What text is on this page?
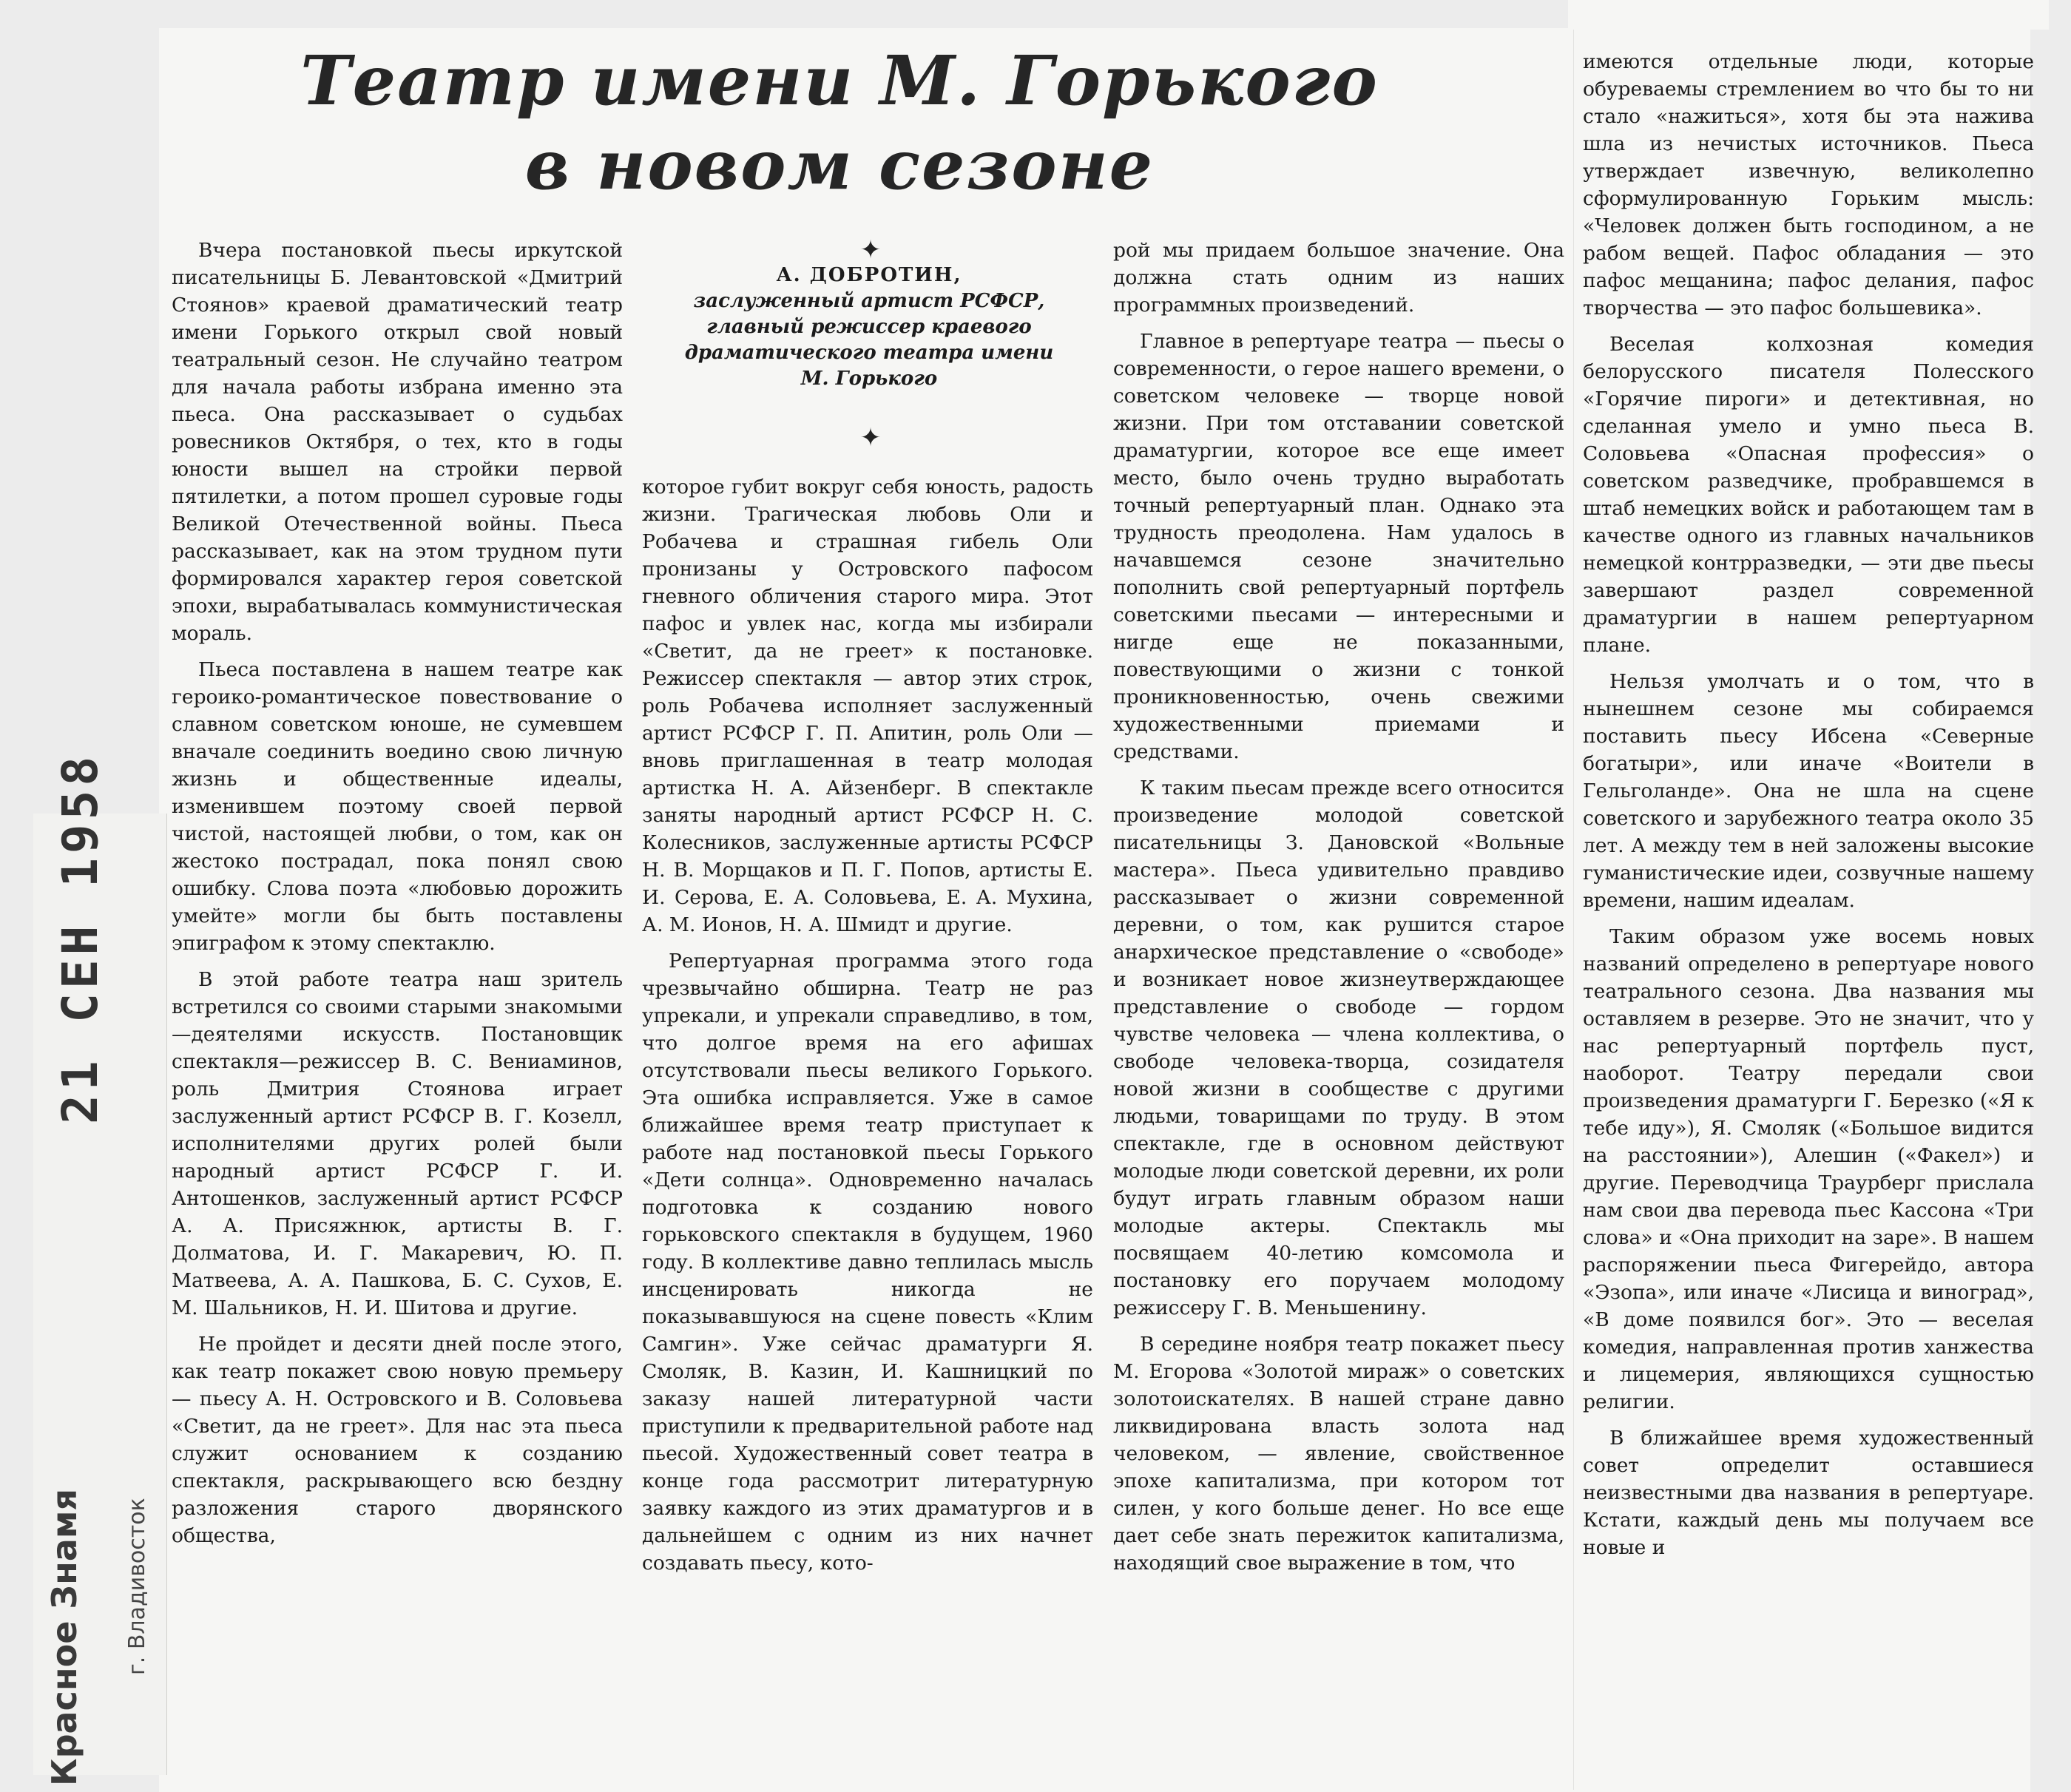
Театр имени М. Горького
в новом сезоне
✦
А. ДОБРОТИН,
заслуженный артист РСФСР,
главный режиссер краевого
драматического театра имени
М. Горького
✦

Вчера постановкой пьесы иркутской писательницы Б. Левантовской «Дмитрий Стоянов» краевой драматический театр имени Горького открыл свой новый театральный сезон. Не случайно театром для начала работы избрана именно эта пьеса. Она рассказывает о судьбах ровесников Октября, о тех, кто в годы юности вышел на стройки первой пятилетки, а потом прошел суровые годы Великой Отечественной войны. Пьеса рассказывает, как на этом трудном пути формировался характер героя советской эпохи, вырабатывалась коммунистическая мораль.

Пьеса поставлена в нашем театре как героико-романтическое повествование о славном советском юноше, не сумевшем вначале соединить воедино свою личную жизнь и общественные идеалы, изменившем поэтому своей первой чистой, настоящей любви, о том, как он жестоко пострадал, пока понял свою ошибку. Слова поэта «любовью дорожить умейте» могли бы быть поставлены эпиграфом к этому спектаклю.

В этой работе театра наш зритель встретился со своими старыми знакомыми—деятелями искусств. Постановщик спектакля—режиссер В. С. Вениаминов, роль Дмитрия Стоянова играет заслуженный артист РСФСР В. Г. Козелл, исполнителями других ролей были народный артист РСФСР Г. И. Антошенков, заслуженный артист РСФСР А. А. Присяжнюк, артисты В. Г. Долматова, И. Г. Макаревич, Ю. П. Матвеева, А. А. Пашкова, Б. С. Сухов, Е. М. Шальников, Н. И. Шитова и другие.

Не пройдет и десяти дней после этого, как театр покажет свою новую премьеру — пьесу А. Н. Островского и В. Соловьева «Светит, да не греет». Для нас эта пьеса служит основанием к созданию спектакля, раскрывающего всю бездну разложения старого дворянского общества,

которое губит вокруг себя юность, радость жизни. Трагическая любовь Оли и Робачева и страшная гибель Оли пронизаны у Островского пафосом гневного обличения старого мира. Этот пафос и увлек нас, когда мы избирали «Светит, да не греет» к постановке. Режиссер спектакля — автор этих строк, роль Робачева исполняет заслуженный артист РСФСР Г. П. Апитин, роль Оли — вновь приглашенная в театр молодая артистка Н. А. Айзенберг. В спектакле заняты народный артист РСФСР Н. С. Колесников, заслуженные артисты РСФСР Н. В. Морщаков и П. Г. Попов, артисты Е. И. Серова, Е. А. Соловьева, Е. А. Мухина, А. М. Ионов, Н. А. Шмидт и другие.

Репертуарная программа этого года чрезвычайно обширна. Театр не раз упрекали, и упрекали справедливо, в том, что долгое время на его афишах отсутствовали пьесы великого Горького. Эта ошибка исправляется. Уже в самое ближайшее время театр приступает к работе над постановкой пьесы Горького «Дети солнца». Одновременно началась подготовка к созданию нового горьковского спектакля в будущем, 1960 году. В коллективе давно теплилась мысль инсценировать никогда не показывавшуюся на сцене повесть «Клим Самгин». Уже сейчас драматурги Я. Смоляк, В. Казин, И. Кашницкий по заказу нашей литературной части приступили к предварительной работе над пьесой. Художественный совет театра в конце года рассмотрит литературную заявку каждого из этих драматургов и в дальнейшем с одним из них начнет создавать пьесу, кото-

рой мы придаем большое значение. Она должна стать одним из наших программных произведений.

Главное в репертуаре театра — пьесы о современности, о герое нашего времени, о советском человеке — творце новой жизни. При том отставании советской драматургии, которое все еще имеет место, было очень трудно выработать точный репертуарный план. Однако эта трудность преодолена. Нам удалось в начавшемся сезоне значительно пополнить свой репертуарный портфель советскими пьесами — интересными и нигде еще не показанными, повествующими о жизни с тонкой проникновенностью, очень свежими художественными приемами и средствами.

К таким пьесам прежде всего относится произведение молодой советской писательницы З. Дановской «Вольные мастера». Пьеса удивительно правдиво рассказывает о жизни современной деревни, о том, как рушится старое анархическое представление о «свободе» и возникает новое жизнеутверждающее представление о свободе — гордом чувстве человека — члена коллектива, о свободе человека-творца, созидателя новой жизни в сообществе с другими людьми, товарищами по труду. В этом спектакле, где в основном действуют молодые люди советской деревни, их роли будут играть главным образом наши молодые актеры. Спектакль мы посвящаем 40-летию комсомола и постановку его поручаем молодому режиссеру Г. В. Меньшенину.

В середине ноября театр покажет пьесу М. Егорова «Золотой мираж» о советских золотоискателях. В нашей стране давно ликвидирована власть золота над человеком, — явление, свойственное эпохе капитализма, при котором тот силен, у кого больше денег. Но все еще дает себе знать пережиток капитализма, находящий свое выражение в том, что

имеются отдельные люди, которые обуреваемы стремлением во что бы то ни стало «нажиться», хотя бы эта нажива шла из нечистых источников. Пьеса утверждает извечную, великолепно сформулированную Горьким мысль: «Человек должен быть господином, а не рабом вещей. Пафос обладания — это пафос мещанина; пафос делания, пафос творчества — это пафос большевика».

Веселая колхозная комедия белорусского писателя Полесского «Горячие пироги» и детективная, но сделанная умело и умно пьеса В. Соловьева «Опасная профессия» о советском разведчике, пробравшемся в штаб немецких войск и работающем там в качестве одного из главных начальников немецкой контрразведки, — эти две пьесы завершают раздел современной драматургии в нашем репертуарном плане.

Нельзя умолчать и о том, что в нынешнем сезоне мы собираемся поставить пьесу Ибсена «Северные богатыри», или иначе «Воители в Гельголанде». Она не шла на сцене советского и зарубежного театра около 35 лет. А между тем в ней заложены высокие гуманистические идеи, созвучные нашему времени, нашим идеалам.

Таким образом уже восемь новых названий определено в репертуаре нового театрального сезона. Два названия мы оставляем в резерве. Это не значит, что у нас репертуарный портфель пуст, наоборот. Театру передали свои произведения драматурги Г. Березко («Я к тебе иду»), Я. Смоляк («Большое видится на расстоянии»), Алешин («Факел») и другие. Переводчица Траурберг прислала нам свои два перевода пьес Кассона «Три слова» и «Она приходит на заре». В нашем распоряжении пьеса Фигерейдо, автора «Эзопа», или иначе «Лисица и виноград», «В доме появился бог». Это — веселая комедия, направленная против ханжества и лицемерия, являющихся сущностью религии.

В ближайшее время художественный совет определит оставшиеся неизвестными два названия в репертуаре. Кстати, каждый день мы получаем все новые и

21 СЕН 1958
Красное Знамя г. Владивосток
